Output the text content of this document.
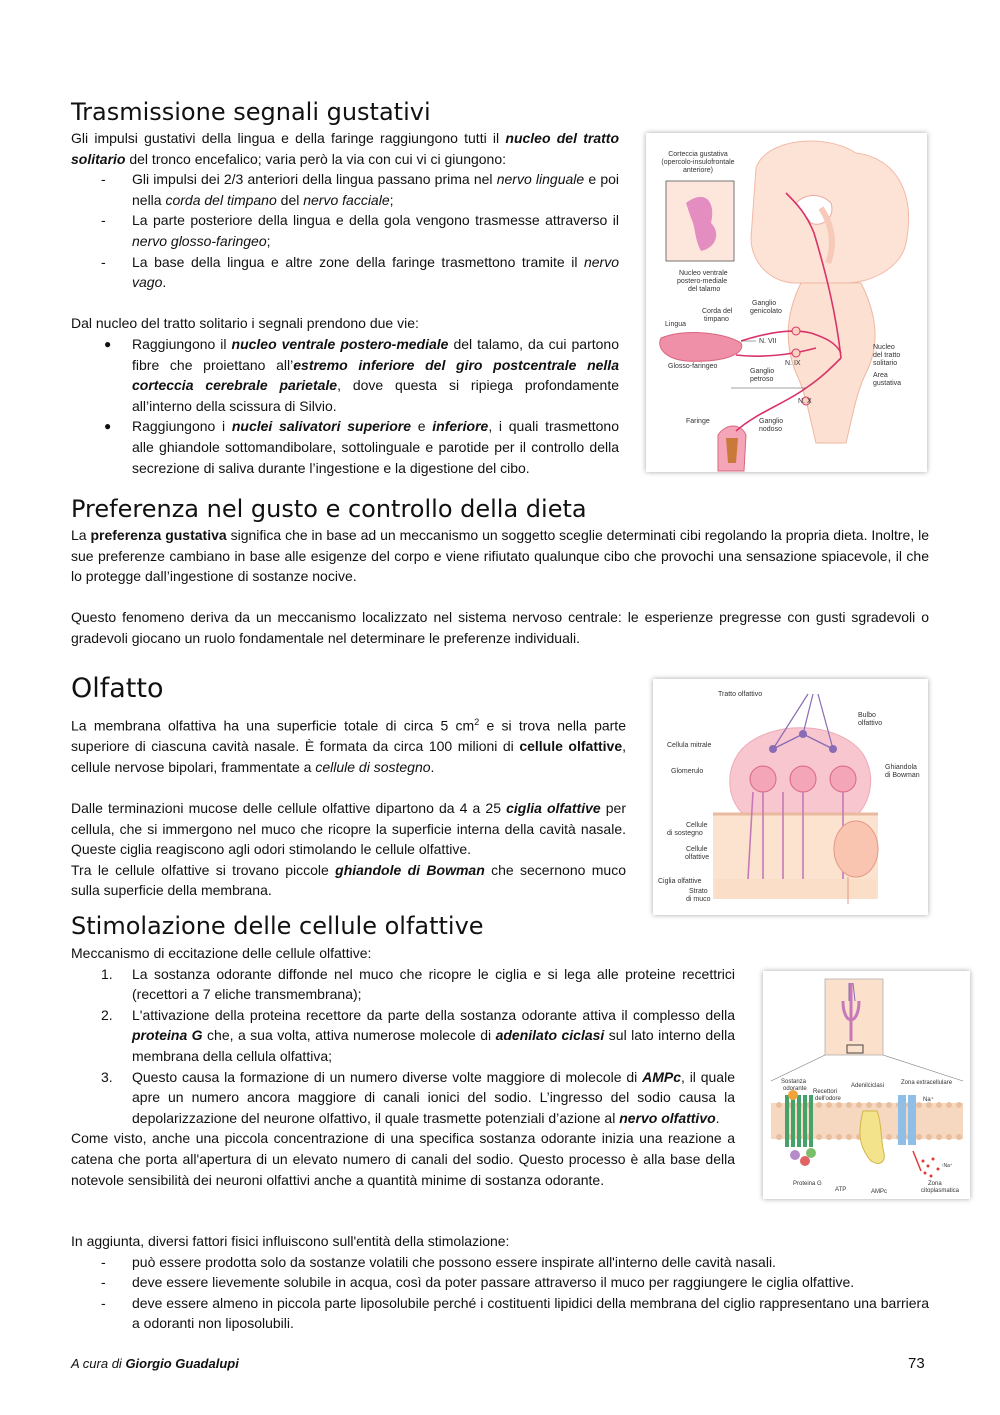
Trasmissione segnali gustativi

Gli impulsi gustativi della lingua e della faringe raggiungono tutti il nucleo del tratto solitario del tronco encefalico; varia però la via con cui vi ci giungono:

- Gli impulsi dei 2/3 anteriori della lingua passano prima nel nervo linguale e poi nella corda del timpano del nervo facciale;
- La parte posteriore della lingua e della gola vengono trasmesse attraverso il nervo glosso-faringeo;
- La base della lingua e altre zone della faringe trasmettono tramite il nervo vago.

Dal nucleo del tratto solitario i segnali prendono due vie:

● Raggiungono il nucleo ventrale postero-mediale del talamo, da cui partono fibre che proiettano all’estremo inferiore del giro postcentrale nella corteccia cerebrale parietale, dove questa si ripiega profondamente all’interno della scissura di Silvio.
● Raggiungono i nuclei salivatori superiore e inferiore, i quali trasmettono alle ghiandole sottomandibolare, sottolinguale e parotide per il controllo della secrezione di saliva durante l’ingestione e la digestione del cibo.
Corteccia gustativa
(opercolo-insulofrontale
anteriore)
Nucleo ventrale
postero-mediale
del talamo
Ganglio
genicolato
Corda del
timpano
Lingua
N. VII
N. IX
Glosso-faringeo
Ganglio
petroso
Nucleo
del tratto
solitario
Area
gustativa
N. X
Faringe	Ganglio
nodoso
Preferenza nel gusto e controllo della dieta

La preferenza gustativa significa che in base ad un meccanismo un soggetto sceglie determinati cibi regolando la propria dieta. Inoltre, le sue preferenze cambiano in base alle esigenze del corpo e viene rifiutato qualunque cibo che provochi una sensazione spiacevole, il che lo protegge dall’ingestione di sostanze nocive.

Questo fenomeno deriva da un meccanismo localizzato nel sistema nervoso centrale: le esperienze pregresse con gusti sgradevoli o gradevoli giocano un ruolo fondamentale nel determinare le preferenze individuali.

Olfatto

La membrana olfattiva ha una superficie totale di circa 5 $cm^2$ e si trova nella parte superiore di ciascuna cavità nasale. È formata da circa 100 milioni di cellule olfattive, cellule nervose bipolari, frammentate a cellule di sostegno.

Dalle terminazioni mucose delle cellule olfattive dipartono da 4 a 25 ciglia olfattive per cellula, che si immergono nel muco che ricopre la superficie interna della cavità nasale. Queste ciglia reagiscono agli odori stimolando le cellule olfattive.

Tra le cellule olfattive si trovano piccole ghiandole di Bowman che secernono muco sulla superficie della membrana.

Tratto olfattivo
Bulbo
olfattivo
Cellula mitrale
Ghiandola
di Bowman
Glomerulo
Cellule
di sostegno
Cellule
olfattive
Ciglia olfattive
Strato
di muco
Stimolazione delle cellule olfattive

Meccanismo di eccitazione delle cellule olfattive:

1. La sostanza odorante diffonde nel muco che ricopre le ciglia e si lega alle proteine recettrici (recettori a 7 eliche transmembrana);
2. L'attivazione della proteina recettore da parte della sostanza odorante attiva il complesso della proteina G che, a sua volta, attiva numerose molecole di adenilato ciclasi sul lato interno della membrana della cellula olfattiva;
3. Questo causa la formazione di un numero diverse volte maggiore di molecole di AMPc, il quale apre un numero ancora maggiore di canali ionici del sodio. L’ingresso del sodio causa la depolarizzazione del neurone olfattivo, il quale trasmette potenziali d’azione al nervo olfattivo.

Come visto, anche una piccola concentrazione di una specifica sostanza odorante inizia una reazione a catena che porta all'apertura di un elevato numero di canali del sodio. Questo processo è alla base della notevole sensibilità dei neuroni olfattivi anche a quantità minime di sostanza odorante.

In aggiunta, diversi fattori fisici influiscono sull'entità della stimolazione:

- può essere prodotta solo da sostanze volatili che possono essere inspirate all'interno delle cavità nasali.
- deve essere lievemente solubile in acqua, così da poter passare attraverso il muco per raggiungere le ciglia olfattive.
- deve essere almeno in piccola parte liposolubile perché i costituenti lipidici della membrana del ciglio rappresentano una barriera a odoranti non liposolubili.
Sostanza
odorante Recettori
dell'odore
Adenilciclasi	Zona extracellulare
Na⁺
Proteina G
ATP	AMPc
Zona
citoplasmatica
↑Na⁺
A cura di Giorgio Guadalupi	73
